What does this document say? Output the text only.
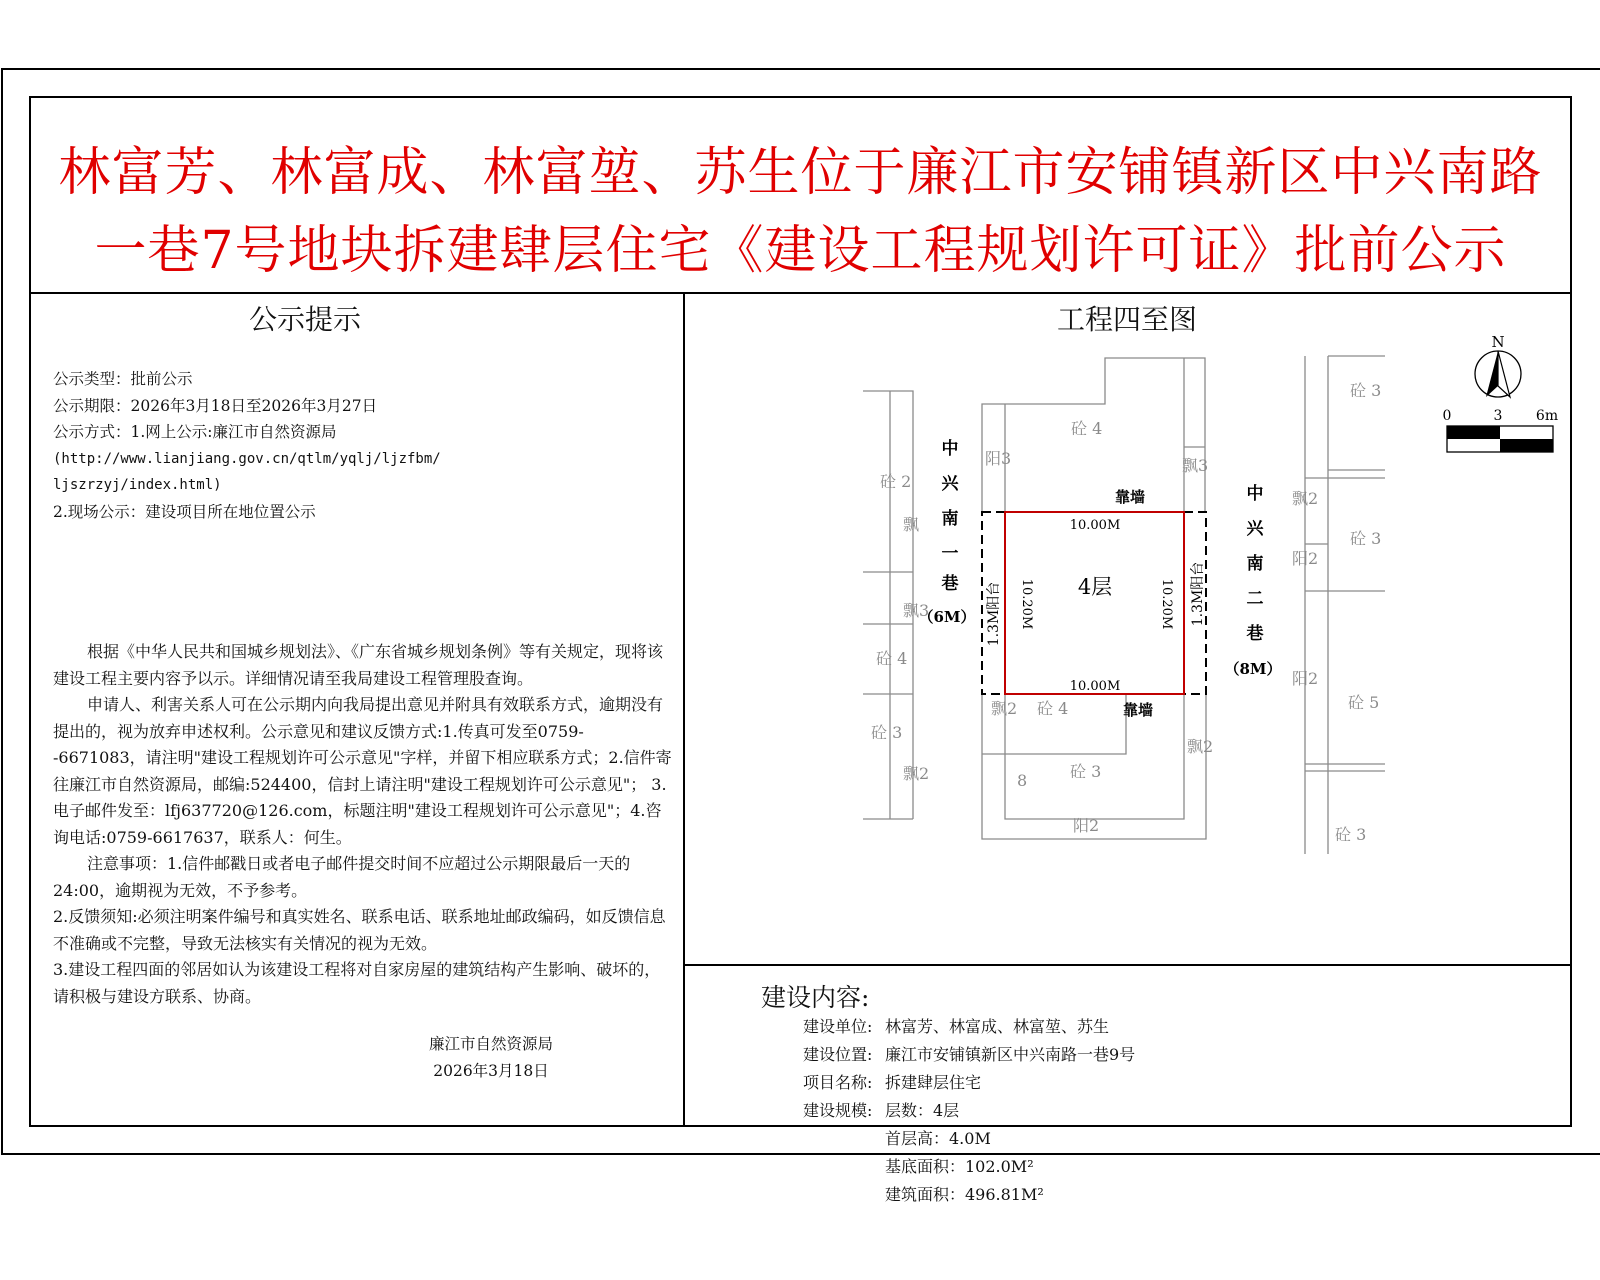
林富芳、林富成、林富堃、苏生位于廉江市安铺镇新区中兴南路
一巷7号地块拆建肆层住宅《建设工程规划许可证》批前公示
公示提示
公示类型：批前公示
公示期限：2026年3月18日至2026年3月27日
公示方式：1.网上公示:廉江市自然资源局
(http://www.lianjiang.gov.cn/qtlm/yqlj/ljzfbm/
ljszrzyj/index.html)
2.现场公示：建设项目所在地位置公示

根据《中华人民共和国城乡规划法》、《广东省城乡规划条例》等有关规定，现将该建设工程主要内容予以示。详细情况请至我局建设工程管理股查询。

申请人、利害关系人可在公示期内向我局提出意见并附具有效联系方式，逾期没有提出的，视为放弃申述权利。公示意见和建议反馈方式:1.传真可发至0759--6671083，请注明"建设工程规划许可公示意见"字样，并留下相应联系方式；2.信件寄往廉江市自然资源局，邮编:524400，信封上请注明"建设工程规划许可公示意见"； 3.电子邮件发至：lfj637720@126.com，标题注明"建设工程规划许可公示意见"；4.咨询电话:0759-6617637，联系人：何生。

注意事项：1.信件邮戳日或者电子邮件提交时间不应超过公示期限最后一天的24:00，逾期视为无效，不予参考。

2.反馈须知:必须注明案件编号和真实姓名、联系电话、联系地址邮政编码，如反馈信息不准确或不完整，导致无法核实有关情况的视为无效。

3.建设工程四面的邻居如认为该建设工程将对自家房屋的建筑结构产生影响、破坏的，请积极与建设方联系、协商。

廉江市自然资源局
2026年3月18日
工程四至图
4层
10.00M
10.00M
10.20M	10.20M
1.3M阳台	1.3M阳台
靠墙
靠墙
中
兴
南
一
巷
（6M）
中
兴
南
二
巷
（8M）
砼 4
阳3	飘3
砼 2
飘
飘3
砼 4
砼 3
飘2
飘2 砼 4
砼 3
8
阳2
飘2
砼 3
飘2
砼 3
阳2
阳2
砼 5
砼 3
N
0	3 6m
建设内容:
建设单位: 林富芳、林富成、林富堃、苏生
建设位置: 廉江市安铺镇新区中兴南路一巷9号
项目名称: 拆建肆层住宅
建设规模: 层数：4层
首层高：4.0M
基底面积：102.0M²
建筑面积：496.81M²
